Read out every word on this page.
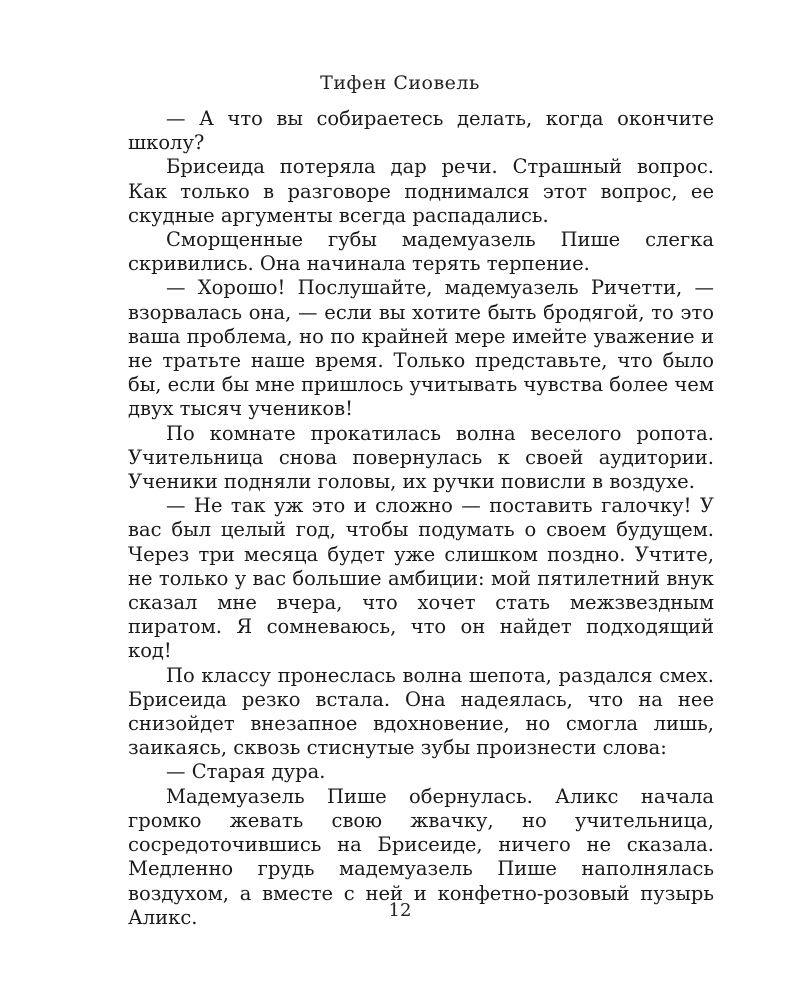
Тифен Сиовель

— А что вы собираетесь делать, когда окончите школу?

Брисеида потеряла дар речи. Страшный вопрос. Как только в разговоре поднимался этот вопрос, ее скудные аргументы всегда распадались.

Сморщенные губы мадемуазель Пише слегка скривились. Она начинала терять терпение.

— Хорошо! Послушайте, мадемуазель Ричетти, — взорвалась она, — если вы хотите быть бродягой, то это ваша проблема, но по крайней мере имейте уважение и не тратьте наше время. Только представьте, что было бы, если бы мне пришлось учитывать чувства более чем двух тысяч учеников!

По комнате прокатилась волна веселого ропота. Учительница снова повернулась к своей аудитории. Ученики подняли головы, их ручки повисли в воздухе.

— Не так уж это и сложно — поставить галочку! У вас был целый год, чтобы подумать о своем будущем. Через три месяца будет уже слишком поздно. Учтите, не только у вас большие амбиции: мой пятилетний внук сказал мне вчера, что хочет стать межзвездным пиратом. Я сомневаюсь, что он найдет подходящий код!

По классу пронеслась волна шепота, раздался смех. Брисеида резко встала. Она надеялась, что на нее снизойдет внезапное вдохновение, но смогла лишь, заикаясь, сквозь стиснутые зубы произнести слова:

— Старая дура.

Мадемуазель Пише обернулась. Аликс начала громко жевать свою жвачку, но учительница, сосредоточившись на Брисеиде, ничего не сказала. Медленно грудь мадемуазель Пише наполнялась воздухом, а вместе с ней и конфетно-розовый пузырь Аликс.	12
